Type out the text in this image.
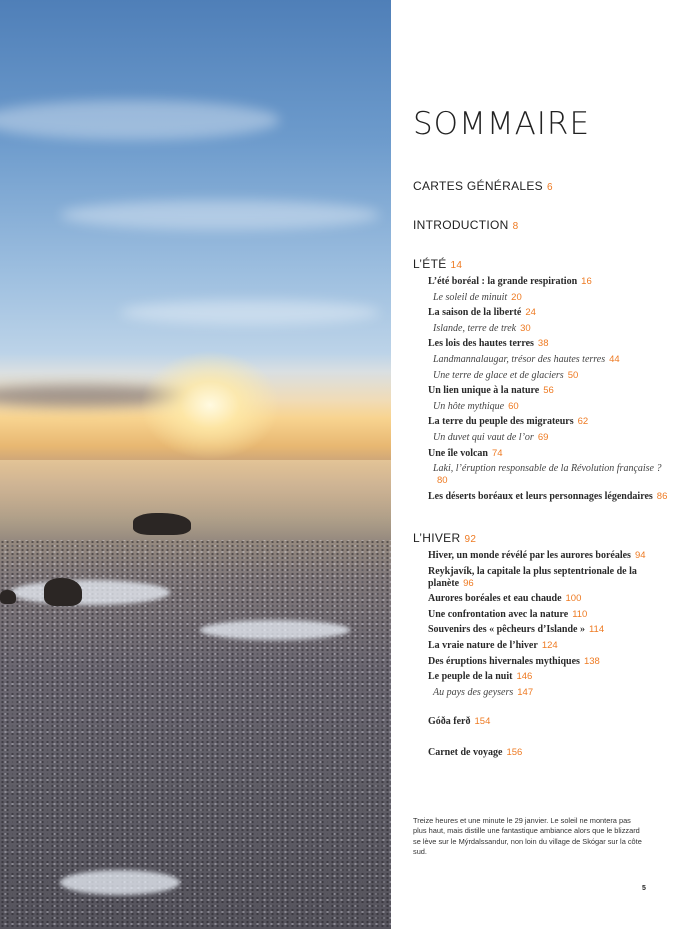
SOMMAIRE
CARTES GÉNÉRALES 6
INTRODUCTION 8
L’ÉTÉ 14
L’été boréal : la grande respiration 16
Le soleil de minuit 20
La saison de la liberté 24
Islande, terre de trek 30
Les lois des hautes terres 38
Landmannalaugar, trésor des hautes terres 44
Une terre de glace et de glaciers 50
Un lien unique à la nature 56
Un hôte mythique 60
La terre du peuple des migrateurs 62
Un duvet qui vaut de l’or 69
Une île volcan 74
Laki, l’éruption responsable de la Révolution française ?80
Les déserts boréaux et leurs personnages légendaires 86
L’HIVER 92
Hiver, un monde révélé par les aurores boréales 94
Reykjavík, la capitale la plus septentrionale de la planète 96
Aurores boréales et eau chaude 100
Une confrontation avec la nature 110
Souvenirs des « pêcheurs d’Islande » 114
La vraie nature de l’hiver 124
Des éruptions hivernales mythiques 138
Le peuple de la nuit 146
Au pays des geysers 147
Góða ferð 154
Carnet de voyage 156
Treize heures et une minute le 29 janvier. Le soleil ne montera pas plus haut, mais distille une fantastique ambiance alors que le blizzard se lève sur le Mýrdalssandur, non loin du village de Skógar sur la côte sud.
5
